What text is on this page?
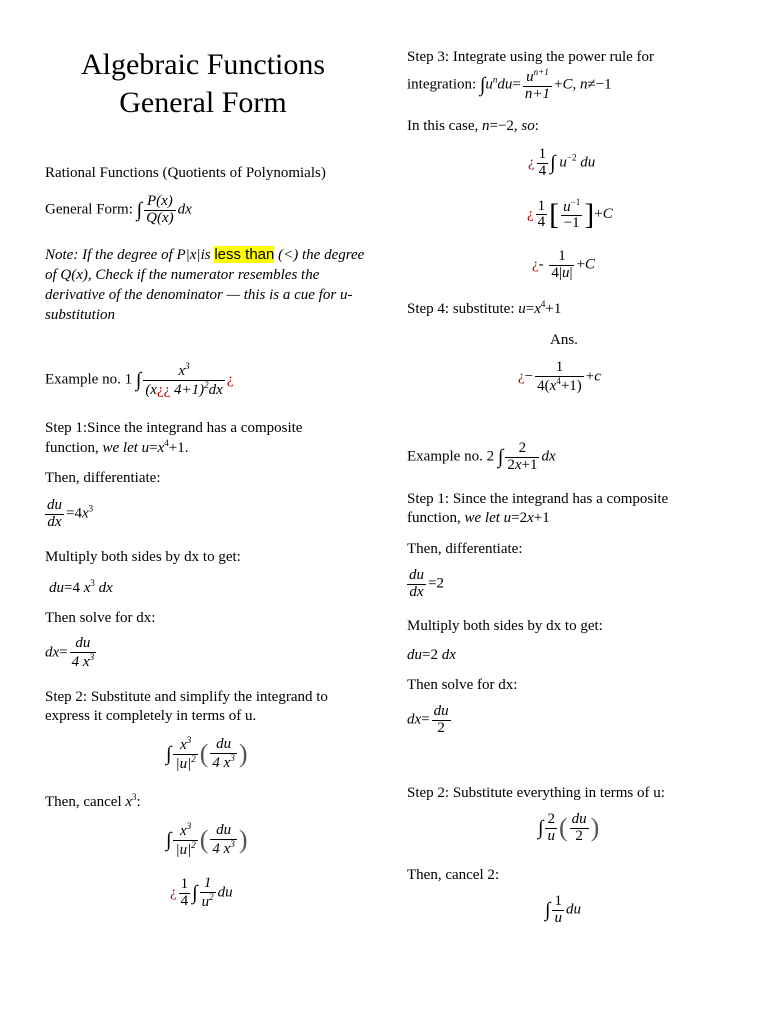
Algebraic Functions
General Form
Rational Functions (Quotients of Polynomials)
General Form: ∫ $\frac{P(x)}{Q(x)}$ dx
Note: If the degree of P|x|is less than (<) the degree of Q(x), Check if the numerator resembles the derivative of the denominator — this is a cue for u-substitution
Example no. 1 ∫ $\frac{x^3}{(x¿¿ 4+1)^2dx}$ ¿
Step 1:Since the integrand has a composite function, we let $u=x^4+1$.
Then, differentiate:
$\frac{du}{dx} =4x^3$
Multiply both sides by dx to get:
du=4 $x^3$ dx
Then solve for dx:
$dx= \frac{du}{4 x^3}$
Step 2: Substitute and simplify the integrand to express it completely in terms of u.
∫ $\frac{x^3}{|u|^2}$ ( $\frac{du}{4 x^3}$ )
Then, cancel $x^3$:
∫ $\frac{x^3}{|u|^2}$ ( $\frac{du}{4 x^3}$ )
¿ $\frac{1}{4}$ ∫ $\frac{1}{u^2}$ du
Step 3: Integrate using the power rule for
integration: $\int u^ndu= \frac{u^{n+1}}{n+1} +C$, n≠−1
In this case, n=−2, so:
¿ $\frac{1}{4}$ ∫ $u^{-2}$ du
¿ $\frac{1}{4}$ [ $\frac{u^{-1}}{-1} ]+C$
¿- $\frac{1}{4|u|} +C$
Step 4: substitute: $u=x^4+1$
Ans.
¿− $\frac{1}{4(x^4+1)} +c$
Example no. 2 ∫ $\frac{2}{2x+1}$ dx
Step 1: Since the integrand has a composite function, we let u=2x+1
Then, differentiate:
$\frac{du}{dx} =2$
Multiply both sides by dx to get:
du=2 dx
Then solve for dx:
$dx= \frac{du}{2}$
Step 2: Substitute everything in terms of u:
∫ $\frac{2}{u}$ ( $\frac{du}{2}$ )
Then, cancel 2:
∫ $\frac{1}{u}$ du
